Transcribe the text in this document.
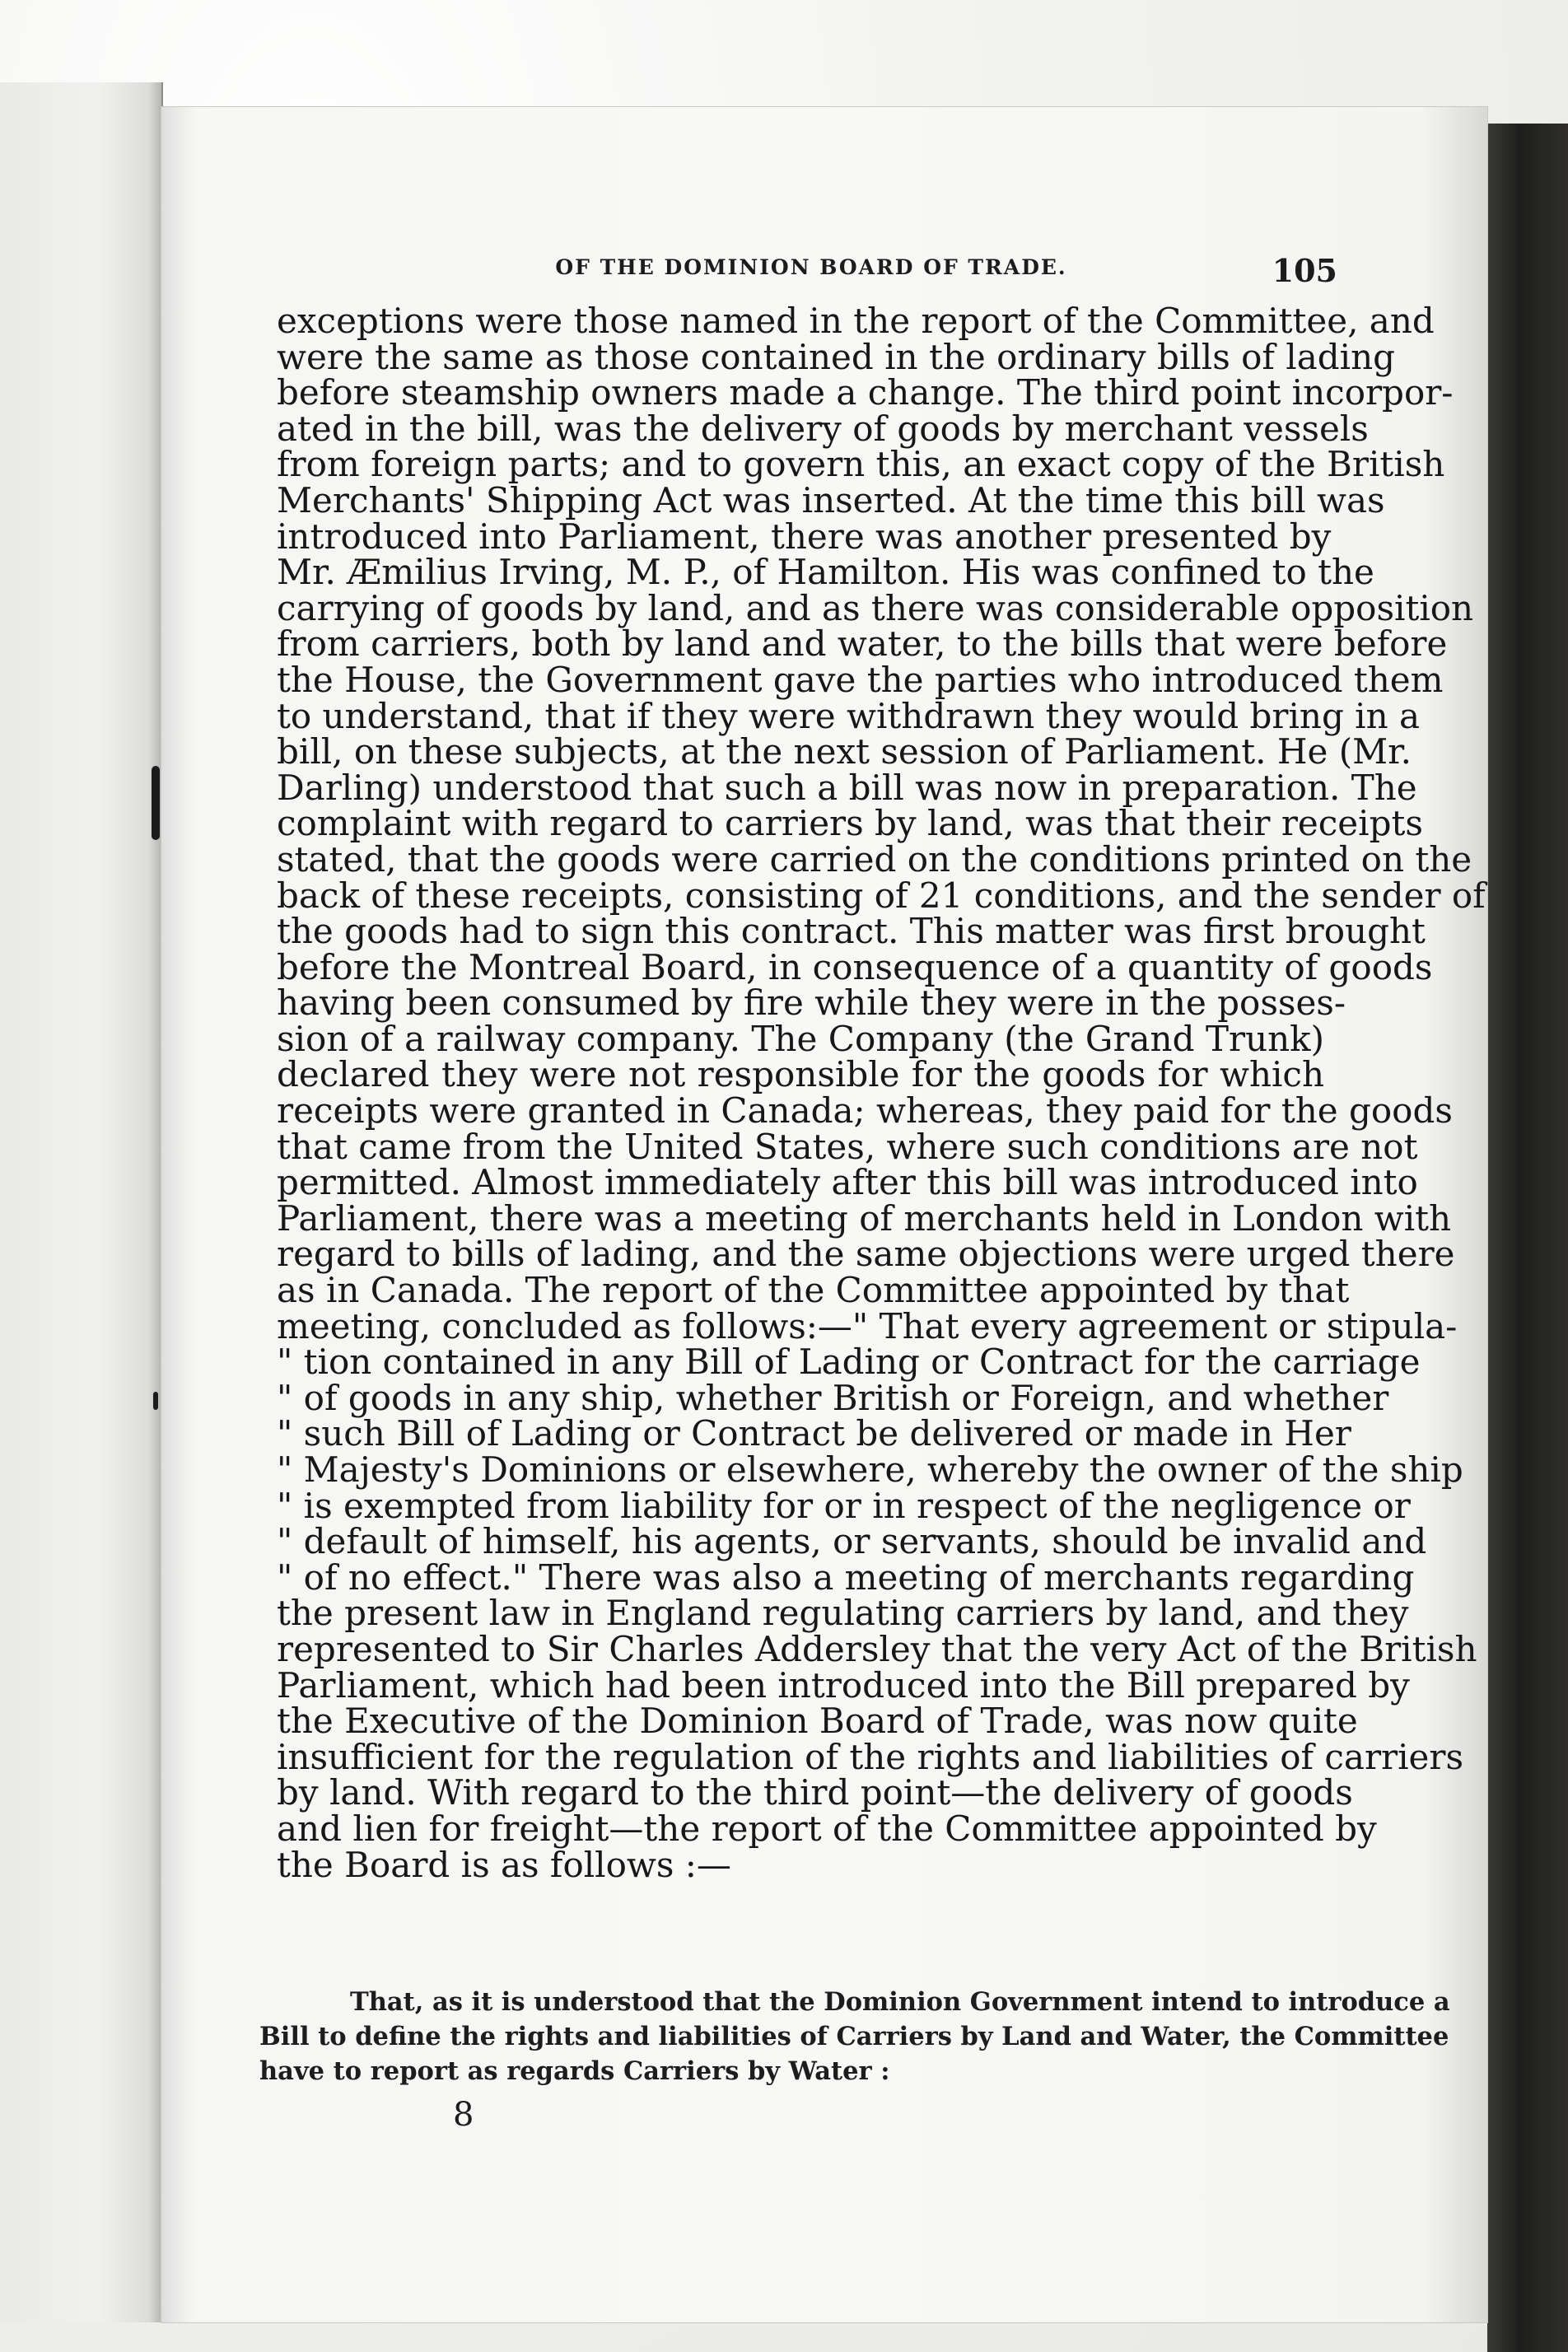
OF THE DOMINION BOARD OF TRADE.	105
exceptions were those named in the report of the Committee, and
were the same as those contained in the ordinary bills of lading
before steamship owners made a change. The third point incorpor-
ated in the bill, was the delivery of goods by merchant vessels
from foreign parts; and to govern this, an exact copy of the British
Merchants' Shipping Act was inserted. At the time this bill was
introduced into Parliament, there was another presented by
Mr. Æmilius Irving, M. P., of Hamilton. His was confined to the
carrying of goods by land, and as there was considerable opposition
from carriers, both by land and water, to the bills that were before
the House, the Government gave the parties who introduced them
to understand, that if they were withdrawn they would bring in a
bill, on these subjects, at the next session of Parliament. He (Mr.
Darling) understood that such a bill was now in preparation. The
complaint with regard to carriers by land, was that their receipts
stated, that the goods were carried on the conditions printed on the
back of these receipts, consisting of 21 conditions, and the sender of
the goods had to sign this contract. This matter was first brought
before the Montreal Board, in consequence of a quantity of goods
having been consumed by fire while they were in the posses-
sion of a railway company. The Company (the Grand Trunk)
declared they were not responsible for the goods for which
receipts were granted in Canada; whereas, they paid for the goods
that came from the United States, where such conditions are not
permitted. Almost immediately after this bill was introduced into
Parliament, there was a meeting of merchants held in London with
regard to bills of lading, and the same objections were urged there
as in Canada. The report of the Committee appointed by that
meeting, concluded as follows:—" That every agreement or stipula-
" tion contained in any Bill of Lading or Contract for the carriage
" of goods in any ship, whether British or Foreign, and whether
" such Bill of Lading or Contract be delivered or made in Her
" Majesty's Dominions or elsewhere, whereby the owner of the ship
" is exempted from liability for or in respect of the negligence or
" default of himself, his agents, or servants, should be invalid and
" of no effect." There was also a meeting of merchants regarding
the present law in England regulating carriers by land, and they
represented to Sir Charles Addersley that the very Act of the British
Parliament, which had been introduced into the Bill prepared by
the Executive of the Dominion Board of Trade, was now quite
insufficient for the regulation of the rights and liabilities of carriers
by land. With regard to the third point—the delivery of goods
and lien for freight—the report of the Committee appointed by
the Board is as follows :—
That, as it is understood that the Dominion Government intend to introduce a
Bill to define the rights and liabilities of Carriers by Land and Water, the Committee
have to report as regards Carriers by Water :
8
